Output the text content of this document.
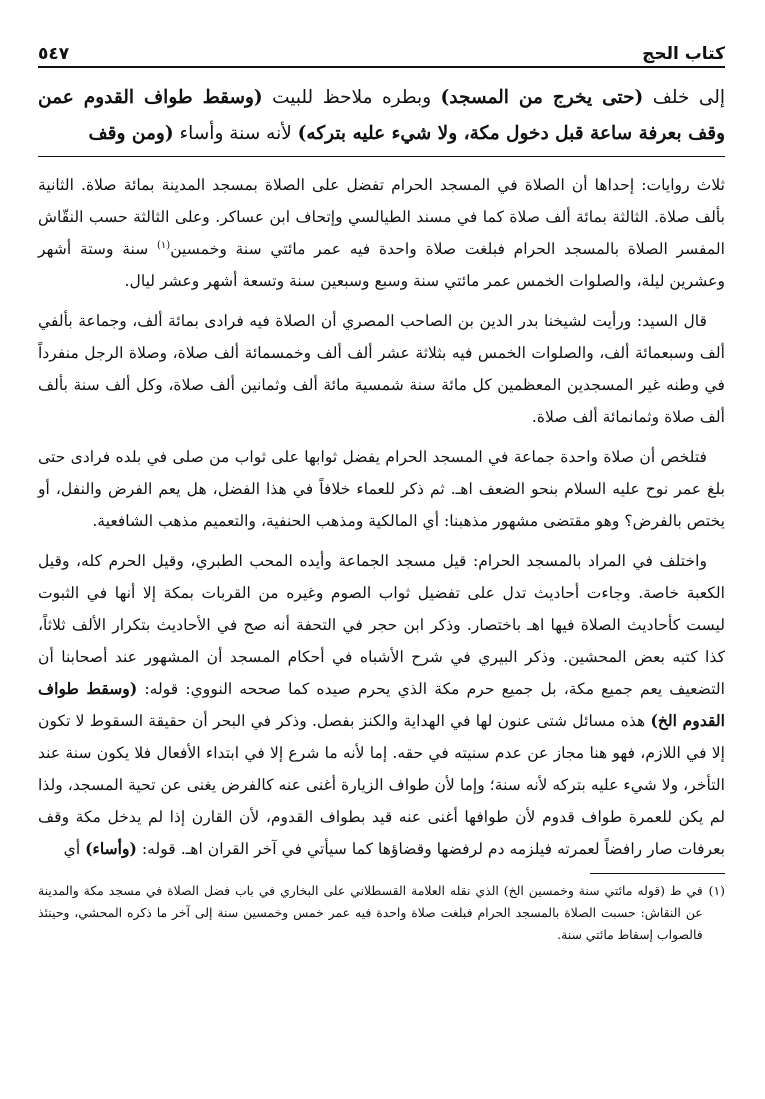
كتاب الحج
٥٤٧
إلى خلف (حتى يخرج من المسجد) وبطره ملاحظ للبيت (وسقط طواف القدوم عمن وقف بعرفة ساعة قبل دخول مكة، ولا شيء عليه بتركه) لأنه سنة وأساء (ومن وقف

ثلاث روايات: إحداها أن الصلاة في المسجد الحرام تفضل على الصلاة بمسجد المدينة بمائة صلاة. الثانية بألف صلاة. الثالثة بمائة ألف صلاة كما في مسند الطيالسي وإتحاف ابن عساكر. وعلى الثالثة حسب النقّاش المفسر الصلاة بالمسجد الحرام فبلغت صلاة واحدة فيه عمر مائتي سنة وخمسين$^{(١)}$ سنة وستة أشهر وعشرين ليلة، والصلوات الخمس عمر مائتي سنة وسبع وسبعين سنة وتسعة أشهر وعشر ليال.

قال السيد: ورأيت لشيخنا بدر الدين بن الصاحب المصري أن الصلاة فيه فرادى بمائة ألف، وجماعة بألفي ألف وسبعمائة ألف، والصلوات الخمس فيه بثلاثة عشر ألف ألف وخمسمائة ألف صلاة، وصلاة الرجل منفرداً في وطنه غير المسجدين المعظمين كل مائة سنة شمسية مائة ألف وثمانين ألف صلاة، وكل ألف سنة بألف ألف صلاة وثمانمائة ألف صلاة.

فتلخص أن صلاة واحدة جماعة في المسجد الحرام يفضل ثوابها على ثواب من صلى في بلده فرادى حتى بلغ عمر نوح عليه السلام بنحو الضعف اهـ. ثم ذكر للعماء خلافاً في هذا الفضل، هل يعم الفرض والنفل، أو يختص بالفرض؟ وهو مقتضى مشهور مذهبنا: أي المالكية ومذهب الحنفية، والتعميم مذهب الشافعية.

واختلف في المراد بالمسجد الحرام: قيل مسجد الجماعة وأيده المحب الطبري، وقيل الحرم كله، وقيل الكعبة خاصة. وجاءت أحاديث تدل على تفضيل ثواب الصوم وغيره من القربات بمكة إلا أنها في الثبوت ليست كأحاديث الصلاة فيها اهـ باختصار. وذكر ابن حجر في التحفة أنه صح في الأحاديث بتكرار الألف ثلاثاً، كذا كتبه بعض المحشين. وذكر البيري في شرح الأشباه في أحكام المسجد أن المشهور عند أصحابنا أن التضعيف يعم جميع مكة، بل جميع حرم مكة الذي يحرم صيده كما صححه النووي: قوله: (وسقط طواف القدوم الخ) هذه مسائل شتى عنون لها في الهداية والكنز بفصل. وذكر في البحر أن حقيقة السقوط لا تكون إلا في اللازم، فهو هنا مجاز عن عدم سنيته في حقه. إما لأنه ما شرع إلا في ابتداء الأفعال فلا يكون سنة عند التأخر، ولا شيء عليه بتركه لأنه سنة؛ وإما لأن طواف الزيارة أغنى عنه كالفرض يغنى عن تحية المسجد، ولذا لم يكن للعمرة طواف قدوم لأن طوافها أغنى عنه قيد بطواف القدوم، لأن القارن إذا لم يدخل مكة وقف بعرفات صار رافضاً لعمرته فيلزمه دم لرفضها وقضاؤها كما سيأتي في آخر القران اهـ. قوله: (وأساء) أي

(١)
في ط (قوله مائتي سنة وخمسين الخ) الذي نقله العلامة القسطلاني على البخاري في باب فضل الصلاة في مسجد مكة والمدينة عن النقاش: حسبت الصلاة بالمسجد الحرام فبلغت صلاة واحدة فيه عمر خمس وخمسين سنة إلى آخر ما ذكره المحشي، وحينئذ فالصواب إسقاط مائتي سنة.
